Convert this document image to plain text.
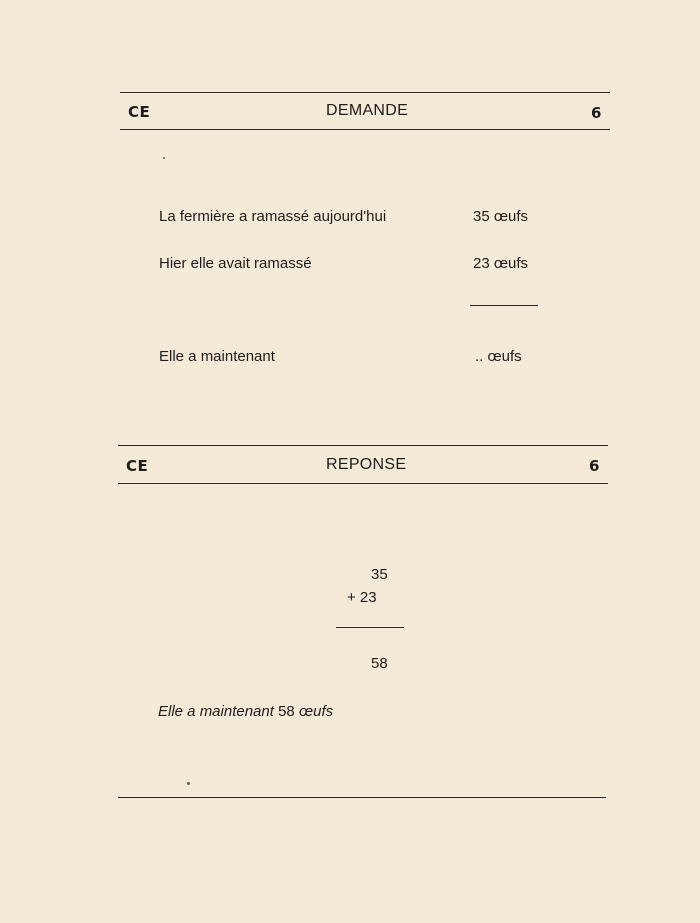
CE	DEMANDE	6
La fermière a ramassé aujourd'hui	35 œufs
Hier elle avait ramassé	23 œufs
Elle a maintenant	.. œufs
CE	REPONSE	6
35
+ 23
58
Elle a maintenant 58 œufs
